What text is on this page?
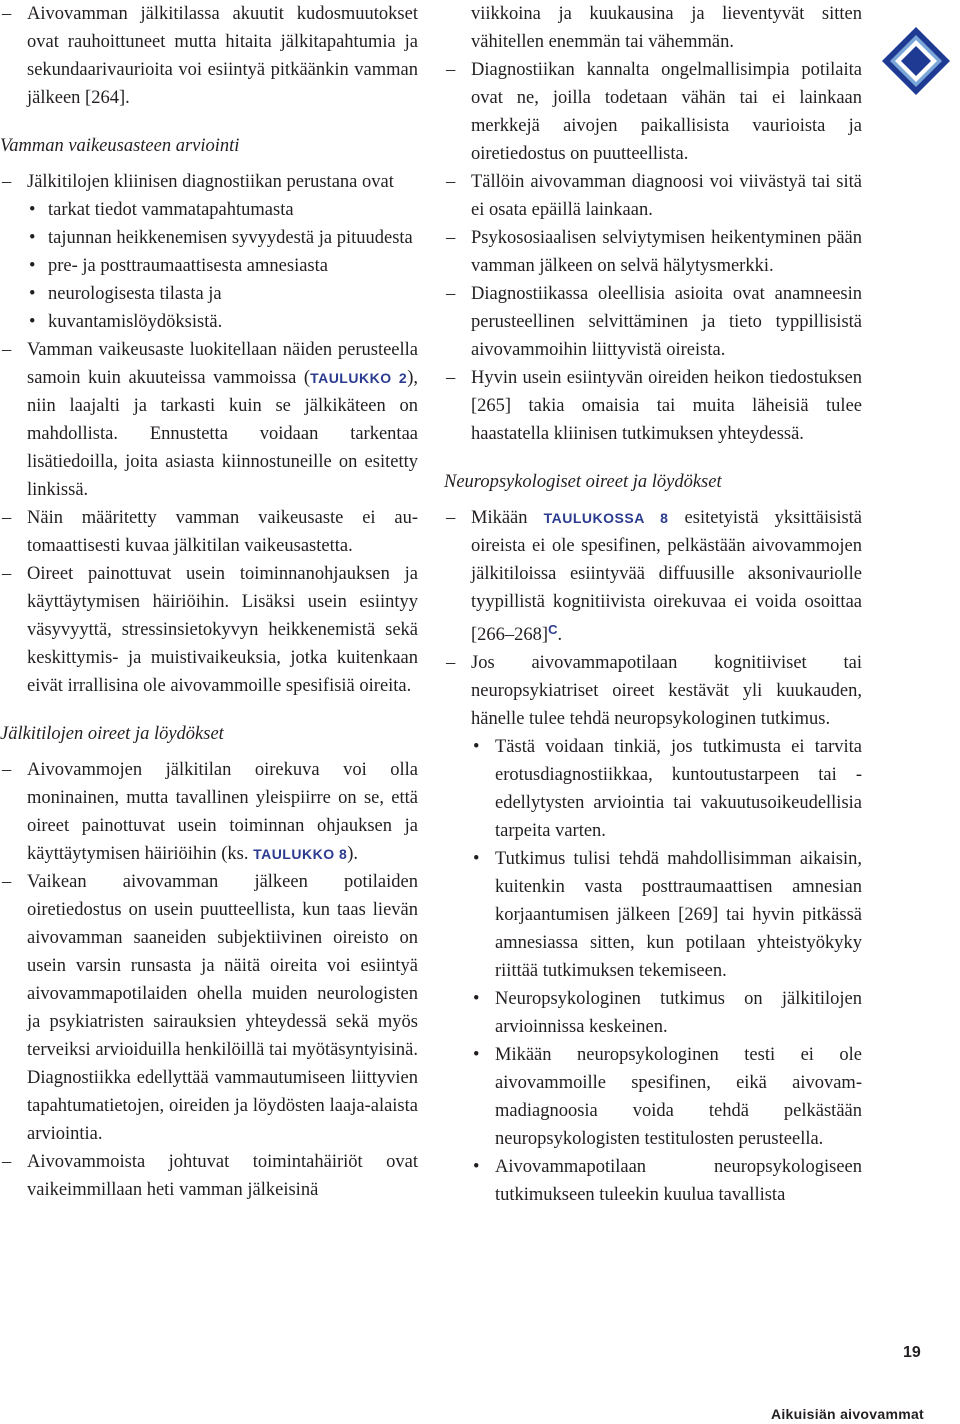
– Aivovamman jälkitilassa akuutit kudosmuutokset ovat rauhoittuneet mutta hitaita jälkitapahtumia ja sekundaarivaurioita voi esiintyä pitkäänkin vamman jälkeen [264].

Vamman vaikeusasteen arviointi

– Jälkitilojen kliinisen diagnostiikan perustana ovat

• tarkat tiedot vammatapahtumasta

• tajunnan heikkenemisen syvyydestä ja pituudesta

• pre- ja posttraumaattisesta amnesiasta

• neurologisesta tilasta ja

• kuvantamislöydöksistä.

– Vamman vaikeusaste luokitellaan näiden perusteella samoin kuin akuuteissa vammoissa (TAULUKKO 2), niin laajalti ja tarkasti kuin se jälkikäteen on mahdollista. Ennustetta voidaan tarkentaa lisätiedoilla, joita asiasta kiinnostuneille on esitetty linkissä.

– Näin määritetty vamman vaikeusaste ei automaattisesti kuvaa jälkitilan vaikeusastetta.

– Oireet painottuvat usein toiminnanohjauksen ja käyttäytymisen häiriöihin. Lisäksi usein esiintyy väsyvyyttä, stressinsietokyvyn heikkenemistä sekä keskittymis- ja muistivaikeuksia, jotka kuitenkaan eivät irrallisina ole aivovammoille spesifisiä oireita.

Jälkitilojen oireet ja löydökset

– Aivovammojen jälkitilan oirekuva voi olla moninainen, mutta tavallinen yleispiirre on se, että oireet painottuvat usein toiminnan ohjauksen ja käyttäytymisen häiriöihin (ks. TAULUKKO 8).

– Vaikean aivovamman jälkeen potilaiden oiretiedostus on usein puutteellista, kun taas lievän aivovamman saaneiden subjektiivinen oireisto on usein varsin runsasta ja näitä oireita voi esiintyä aivovammapotilaiden ohella muiden neurologisten ja psykiatristen sairauksien yhteydessä sekä myös terveiksi arvioiduilla henkilöillä tai myötäsyntyisinä. Diagnostiikka edellyttää vammautumiseen liittyvien tapahtumatietojen, oireiden ja löydösten laaja-alaista arviointia.

– Aivovammoista johtuvat toimintahäiriöt ovat vaikeimmillaan heti vamman jälkeisinä

viikkoina ja kuukausina ja lieventyvät sitten vähitellen enemmän tai vähemmän.

– Diagnostiikan kannalta ongelmallisimpia potilaita ovat ne, joilla todetaan vähän tai ei lainkaan merkkejä aivojen paikallisista vaurioista ja oiretiedostus on puutteellista.

– Tällöin aivovamman diagnoosi voi viivästyä tai sitä ei osata epäillä lainkaan.

– Psykososiaalisen selviytymisen heikentyminen pään vamman jälkeen on selvä hälytysmerkki.

– Diagnostiikassa oleellisia asioita ovat anamneesin perusteellinen selvittäminen ja tieto typpillisistä aivovammoihin liittyvistä oireista.

– Hyvin usein esiintyvän oireiden heikon tiedostuksen [265] takia omaisia tai muita läheisiä tulee haastatella kliinisen tutkimuksen yhteydessä.

Neuropsykologiset oireet ja löydökset

– Mikään TAULUKOSSA 8 esitetyistä yksittäisistä oireista ei ole spesifinen, pelkästään aivovammojen jälkitiloissa esiintyvää diffuusille aksonivauriolle tyypillistä kognitiivista oirekuvaa ei voida osoittaa $[266-268]^C$.

– Jos aivovammapotilaan kognitiiviset tai neuropsykiatriset oireet kestävät yli kuukauden, hänelle tulee tehdä neuropsykologinen tutkimus.

• Tästä voidaan tinkiä, jos tutkimusta ei tarvita erotusdiagnostiikkaa, kuntoutustarpeen tai -edellytysten arviointia tai vakuutusoikeudellisia tarpeita varten.

• Tutkimus tulisi tehdä mahdollisimman aikaisin, kuitenkin vasta posttraumaattisen amnesian korjaantumisen jälkeen [269] tai hyvin pitkässä amnesiassa sitten, kun potilaan yhteistyökyky riittää tutkimuksen tekemiseen.

• Neuropsykologinen tutkimus on jälkitilojen arvioinnissa keskeinen.

• Mikään neuropsykologinen testi ei ole aivovammoille spesifinen, eikä aivovammadiagnoosia voida tehdä pelkästään neuropsykologisten testitulosten perusteella.

• Aivovammapotilaan neuropsykologiseen tutkimukseen tuleekin kuulua tavallista

19
Aikuisiän aivovammat
